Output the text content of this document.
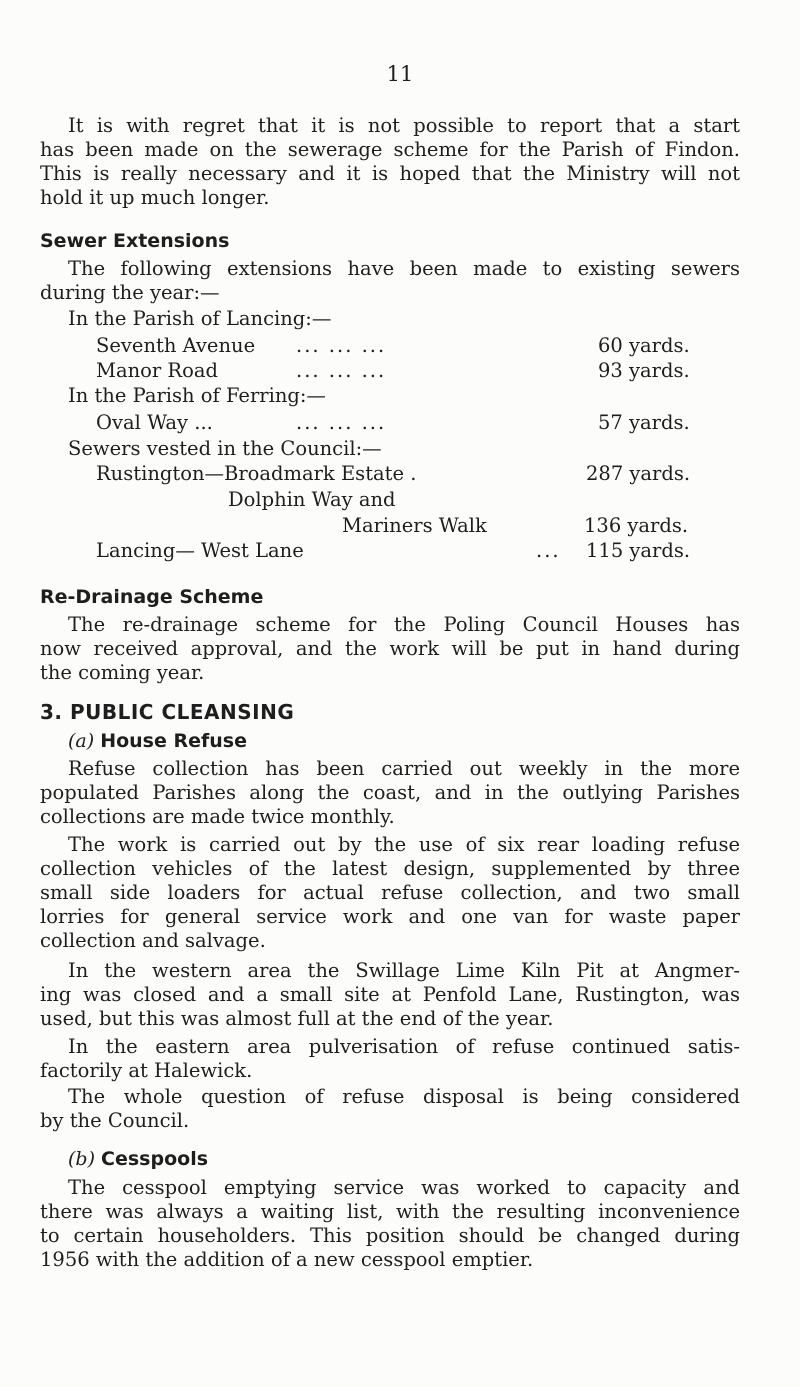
11
It is with regret that it is not possible to report that a start
has been made on the sewerage scheme for the Parish of Findon.
This is really necessary and it is hoped that the Ministry will not
hold it up much longer.
Sewer Extensions
The following extensions have been made to existing sewers
during the year:—
In the Parish of Lancing:—
Seventh Avenue ... ... ...	60 yards.
Manor Road	... ... ...	93 yards.
In the Parish of Ferring:—
Oval Way ...	... ... ...	57 yards.
Sewers vested in the Council:—
Rustington—Broadmark Estate .	287 yards.
Dolphin Way and
Mariners Walk	136 yards.
Lancing— West Lane	... 115 yards.
Re-Drainage Scheme
The re-drainage scheme for the Poling Council Houses has
now received approval, and the work will be put in hand during
the coming year.
3. PUBLIC CLEANSING
(a) House Refuse
Refuse collection has been carried out weekly in the more
populated Parishes along the coast, and in the outlying Parishes
collections are made twice monthly.
The work is carried out by the use of six rear loading refuse
collection vehicles of the latest design, supplemented by three
small side loaders for actual refuse collection, and two small
lorries for general service work and one van for waste paper
collection and salvage.
In the western area the Swillage Lime Kiln Pit at Angmer-
ing was closed and a small site at Penfold Lane, Rustington, was
used, but this was almost full at the end of the year.
In the eastern area pulverisation of refuse continued satis-
factorily at Halewick.
The whole question of refuse disposal is being considered
by the Council.
(b) Cesspools
The cesspool emptying service was worked to capacity and
there was always a waiting list, with the resulting inconvenience
to certain householders. This position should be changed during
1956 with the addition of a new cesspool emptier.
